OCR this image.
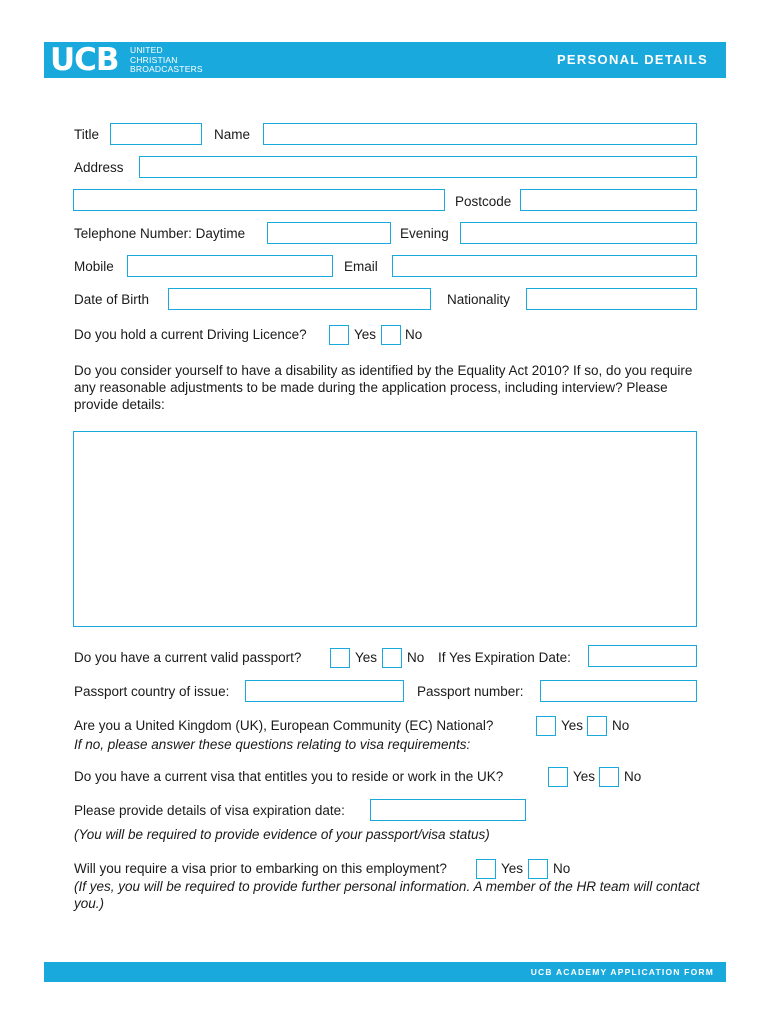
UCB UNITED
CHRISTIAN
BROADCASTERS
PERSONAL DETAILS
Title	Name
Address
Postcode
Telephone Number: Daytime	Evening
Mobile	Email
Date of Birth	Nationality
Do you hold a current Driving Licence?	Yes No
Do you consider yourself to have a disability as identified by the Equality Act 2010? If so, do you require any reasonable adjustments to be made during the application process, including interview? Please provide details:
Do you have a current valid passport?	Yes No If Yes Expiration Date:
Passport country of issue:	Passport number:
Are you a United Kingdom (UK), European Community (EC) National?	Yes No
If no, please answer these questions relating to visa requirements:
Do you have a current visa that entitles you to reside or work in the UK?	Yes No
Please provide details of visa expiration date:
(You will be required to provide evidence of your passport/visa status)
Will you require a visa prior to embarking on this employment?	Yes No
(If yes, you will be required to provide further personal information. A member of the HR team will contact you.)
UCB ACADEMY APPLICATION FORM
